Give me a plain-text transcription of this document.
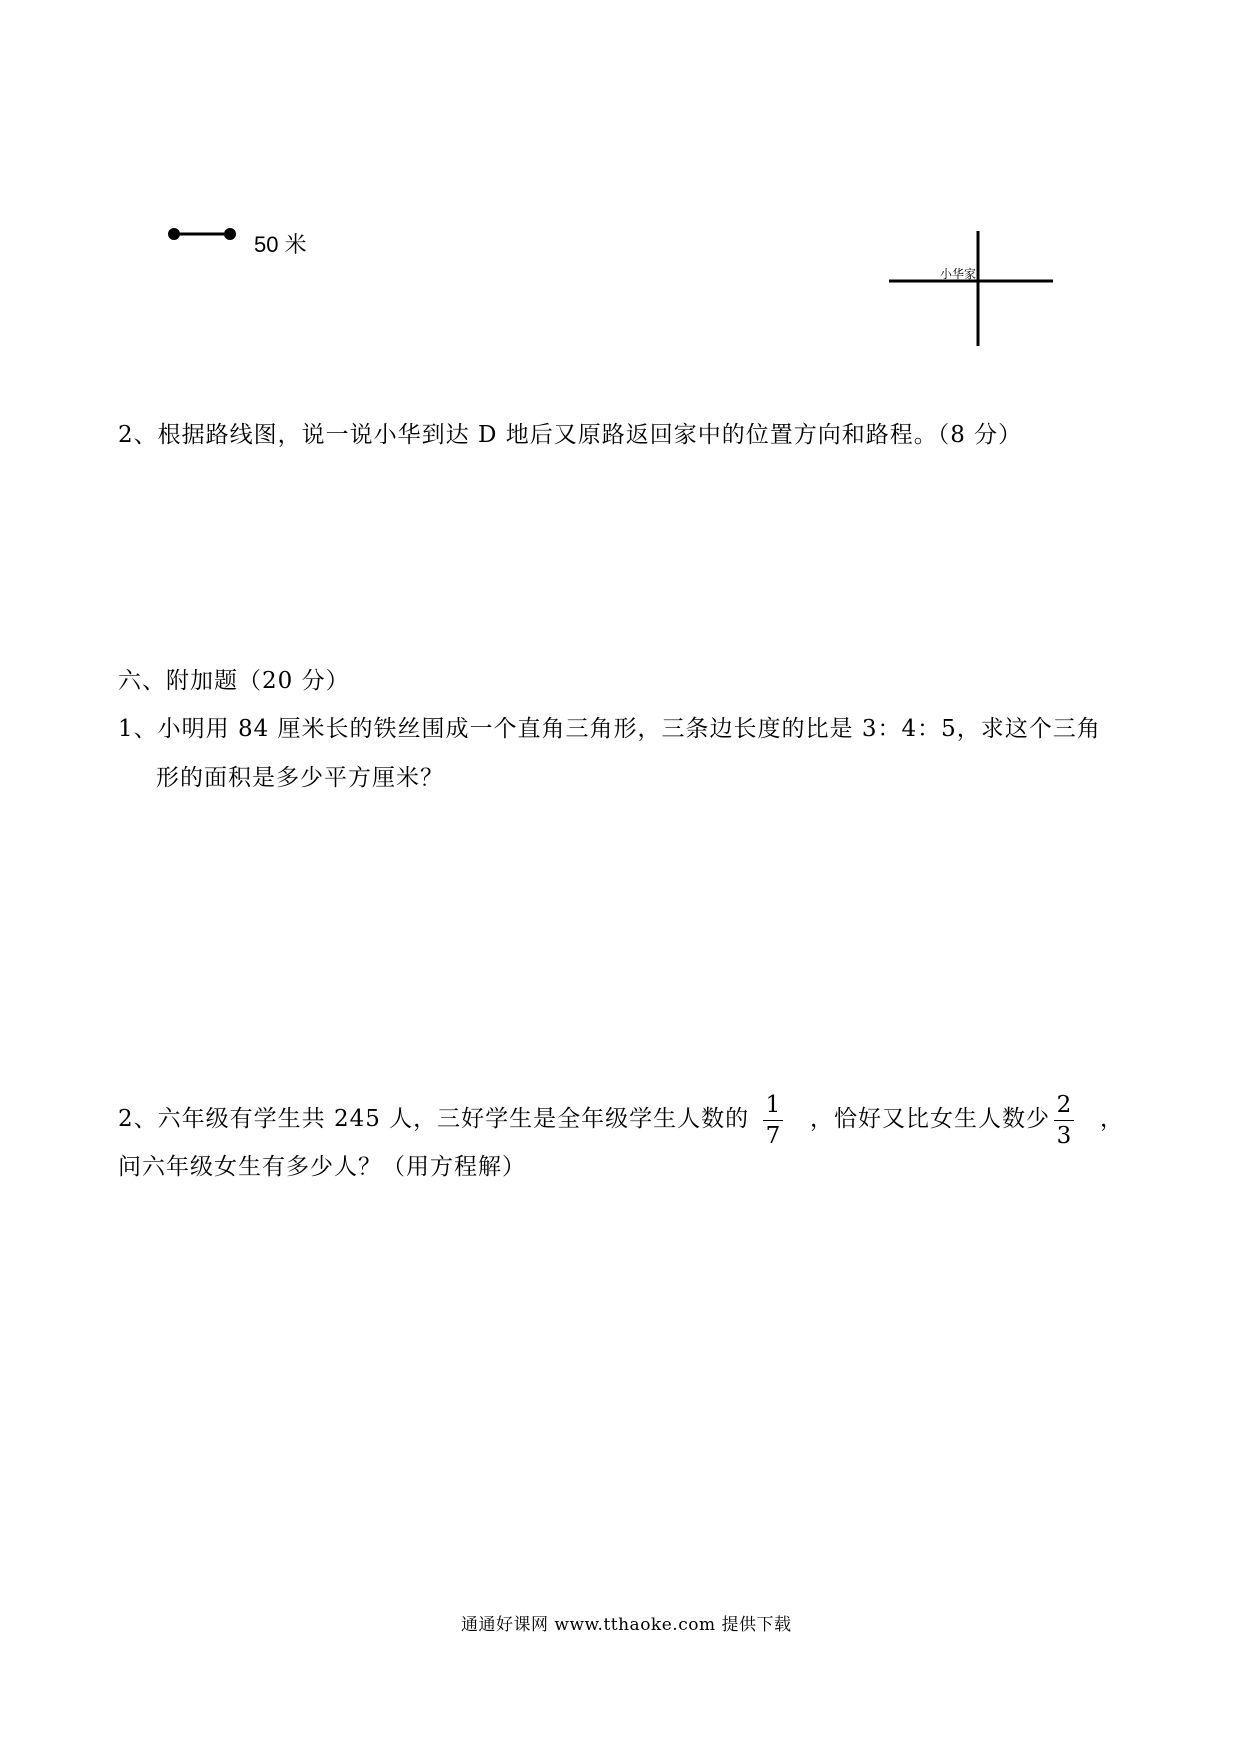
50 米
小华家
2、根据路线图，说一说小华到达 D 地后又原路返回家中的位置方向和路程。（8 分）
六、附加题（20 分）
1、小明用 84 厘米长的铁丝围成一个直角三角形，三条边长度的比是 3：4：5，求这个三角
形的面积是多少平方厘米？
2、六年级有学生共 245 人，三好学生是全年级学生人数的
1
7
，恰好又比女生人数少
2
3
，
问六年级女生有多少人？（用方程解）
通通好课网 www.tthaoke.com 提供下载
